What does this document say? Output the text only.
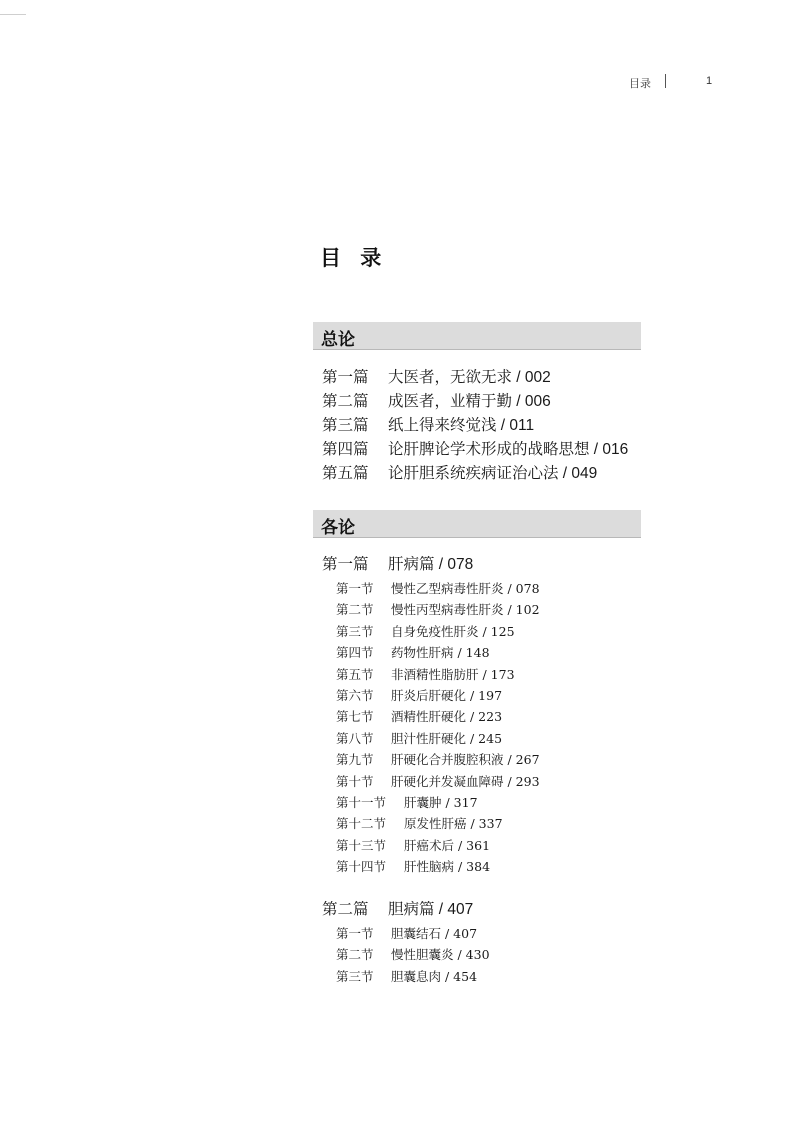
目录	1
目 录
总论
第一篇 大医者，无欲无求 / 002
第二篇 成医者，业精于勤 / 006
第三篇 纸上得来终觉浅 / 011
第四篇 论肝脾论学术形成的战略思想 / 016
第五篇 论肝胆系统疾病证治心法 / 049
各论
第一篇 肝病篇 / 078
第一节 慢性乙型病毒性肝炎 / 078
第二节 慢性丙型病毒性肝炎 / 102
第三节 自身免疫性肝炎 / 125
第四节 药物性肝病 / 148
第五节 非酒精性脂肪肝 / 173
第六节 肝炎后肝硬化 / 197
第七节 酒精性肝硬化 / 223
第八节 胆汁性肝硬化 / 245
第九节 肝硬化合并腹腔积液 / 267
第十节 肝硬化并发凝血障碍 / 293
第十一节 肝囊肿 / 317
第十二节 原发性肝癌 / 337
第十三节 肝癌术后 / 361
第十四节 肝性脑病 / 384
第二篇 胆病篇 / 407
第一节 胆囊结石 / 407
第二节 慢性胆囊炎 / 430
第三节 胆囊息肉 / 454
